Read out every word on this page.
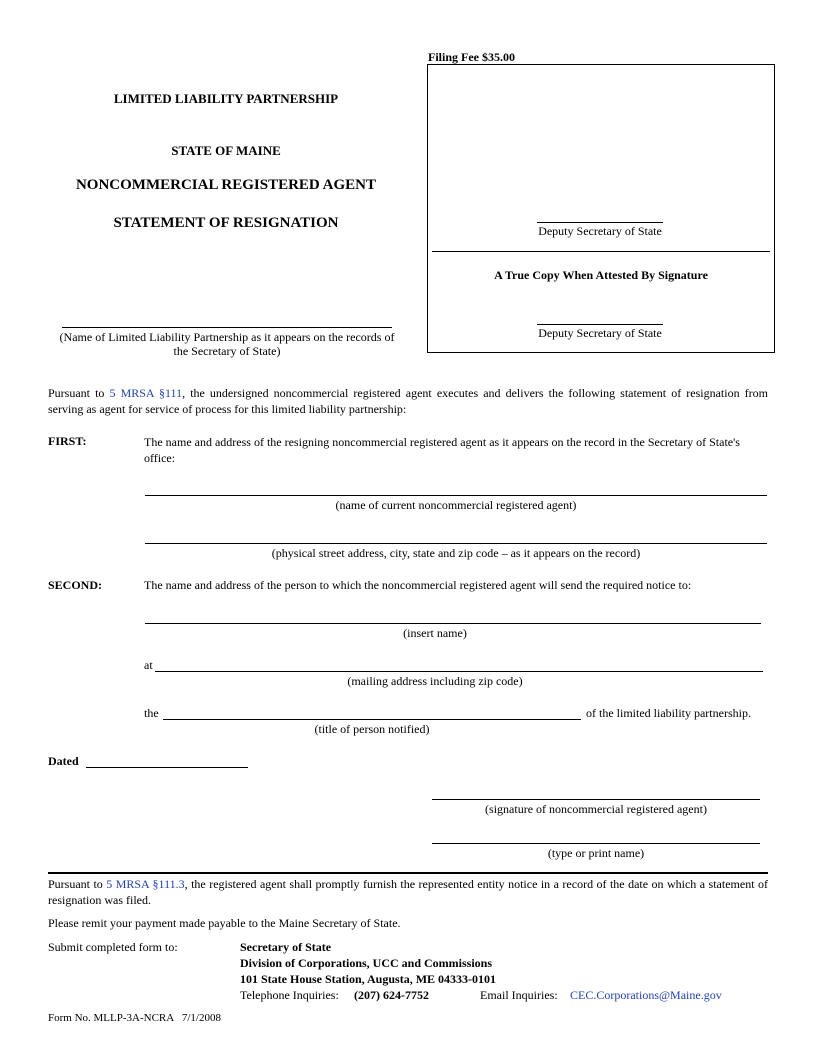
Filing Fee $35.00
LIMITED LIABILITY PARTNERSHIP
STATE OF MAINE
NONCOMMERCIAL REGISTERED AGENT
STATEMENT OF RESIGNATION
(Name of Limited Liability Partnership as it appears on the records of the Secretary of State)
Deputy Secretary of State
A True Copy When Attested By Signature
Deputy Secretary of State
Pursuant to 5 MRSA §111, the undersigned noncommercial registered agent executes and delivers the following statement of resignation from serving as agent for service of process for this limited liability partnership:
FIRST:	The name and address of the resigning noncommercial registered agent as it appears on the record in the Secretary of State's office:
(name of current noncommercial registered agent)
(physical street address, city, state and zip code – as it appears on the record)
SECOND:	The name and address of the person to which the noncommercial registered agent will send the required notice to:
(insert name)
at
(mailing address including zip code)
the	of the limited liability partnership.
(title of person notified)
Dated
(signature of noncommercial registered agent)
(type or print name)
Pursuant to 5 MRSA §111.3, the registered agent shall promptly furnish the represented entity notice in a record of the date on which a statement of resignation was filed.
Please remit your payment made payable to the Maine Secretary of State.
Submit completed form to:	Secretary of State
Division of Corporations, UCC and Commissions
101 State House Station, Augusta, ME 04333-0101
Telephone Inquiries: (207) 624-7752	Email Inquiries: CEC.Corporations@Maine.gov
Form No. MLLP-3A-NCRA   7/1/2008
